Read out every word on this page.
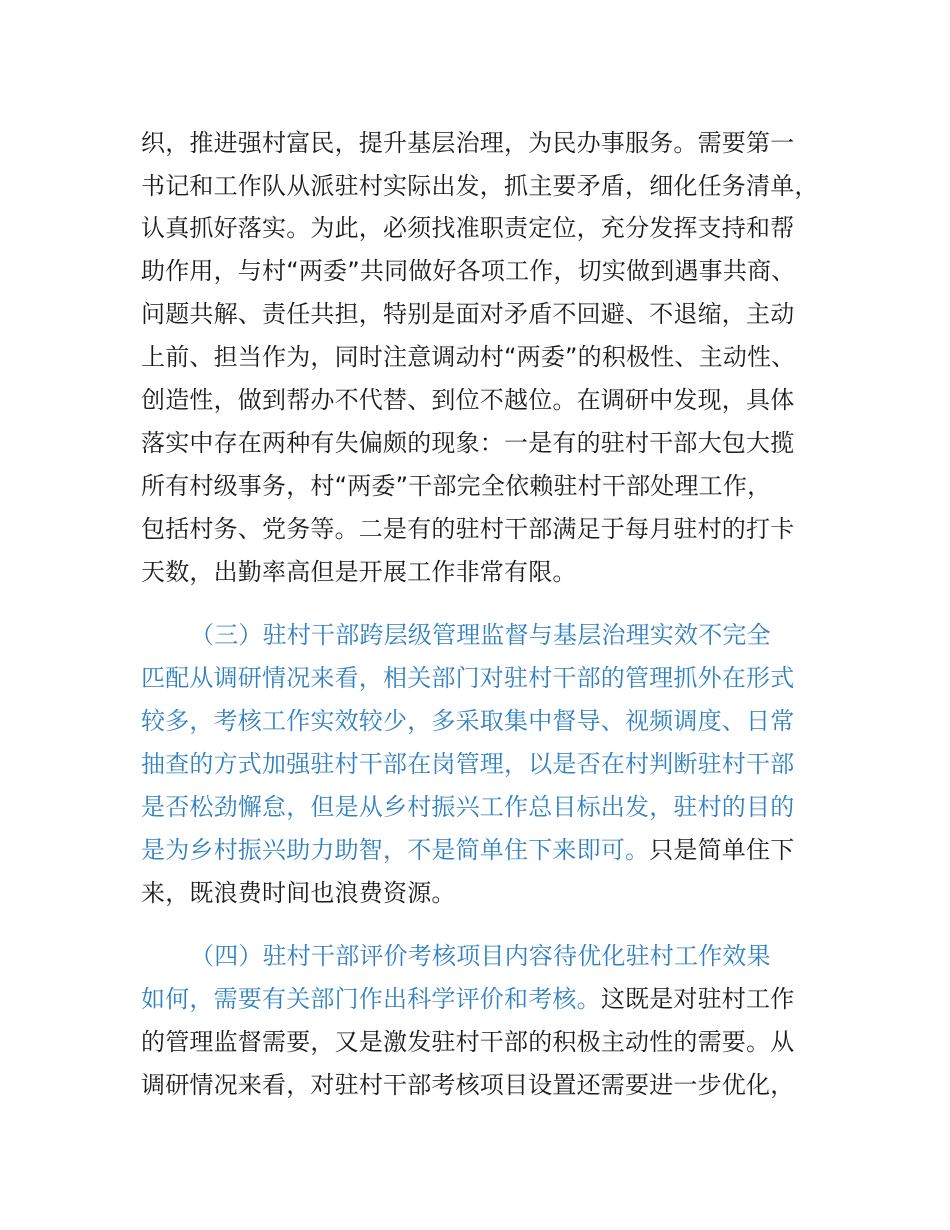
织，推进强村富民，提升基层治理，为民办事服务。需要第一
书记和工作队从派驻村实际出发，抓主要矛盾，细化任务清单，
认真抓好落实。为此，必须找准职责定位，充分发挥支持和帮
助作用，与村“两委”共同做好各项工作，切实做到遇事共商、
问题共解、责任共担，特别是面对矛盾不回避、不退缩，主动
上前、担当作为，同时注意调动村“两委”的积极性、主动性、
创造性，做到帮办不代替、到位不越位。在调研中发现，具体
落实中存在两种有失偏颇的现象：一是有的驻村干部大包大揽
所有村级事务，村“两委”干部完全依赖驻村干部处理工作，
包括村务、党务等。二是有的驻村干部满足于每月驻村的打卡
天数，出勤率高但是开展工作非常有限。
（三）驻村干部跨层级管理监督与基层治理实效不完全
匹配从调研情况来看，相关部门对驻村干部的管理抓外在形式
较多，考核工作实效较少，多采取集中督导、视频调度、日常
抽查的方式加强驻村干部在岗管理，以是否在村判断驻村干部
是否松劲懈怠，但是从乡村振兴工作总目标出发，驻村的目的
是为乡村振兴助力助智，不是简单住下来即可。只是简单住下
来，既浪费时间也浪费资源。
（四）驻村干部评价考核项目内容待优化驻村工作效果
如何，需要有关部门作出科学评价和考核。这既是对驻村工作
的管理监督需要，又是激发驻村干部的积极主动性的需要。从
调研情况来看，对驻村干部考核项目设置还需要进一步优化，
